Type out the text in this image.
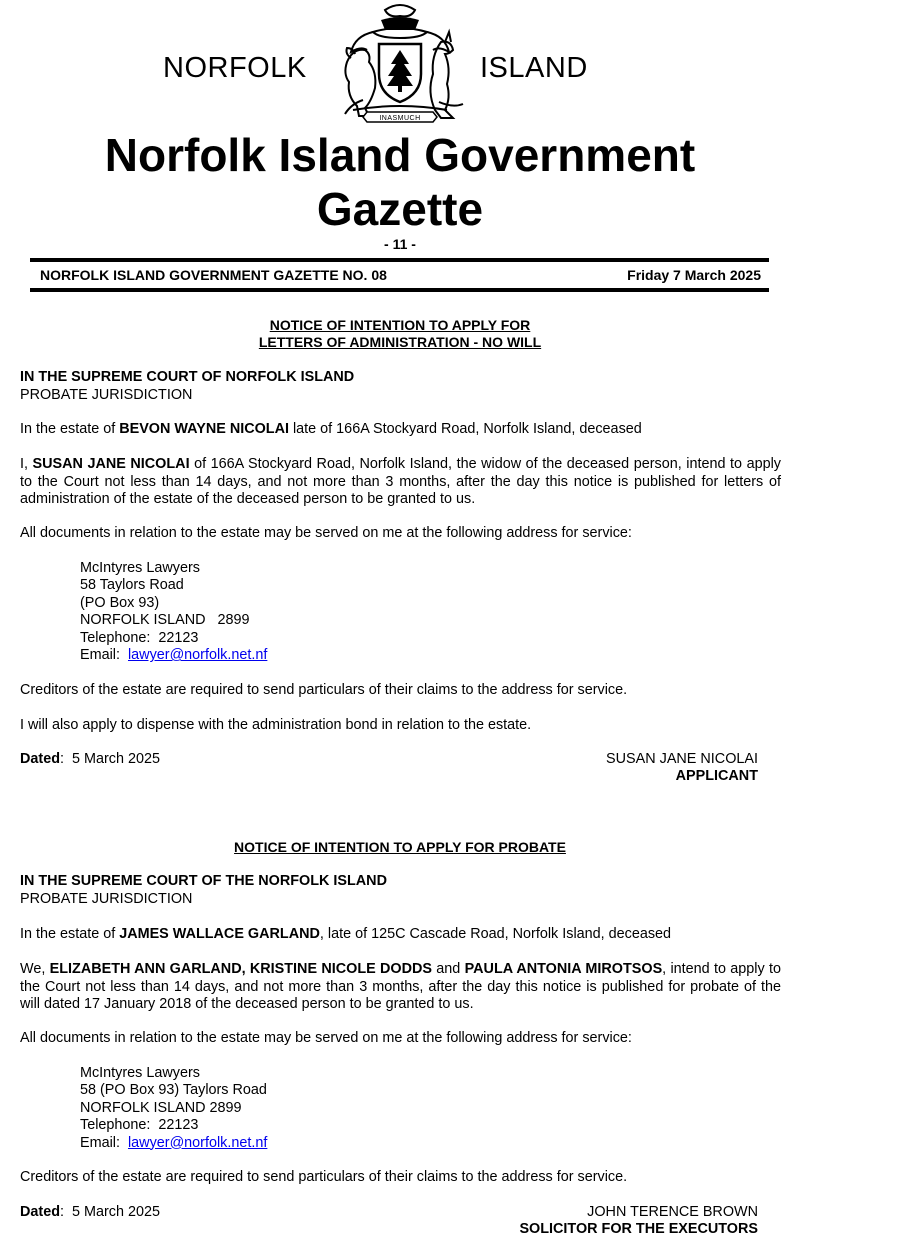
NORFOLK	ISLAND
INASMUCH
Norfolk Island Government
Gazette
- 11 -
NORFOLK ISLAND GOVERNMENT GAZETTE NO. 08	Friday 7 March 2025
NOTICE OF INTENTION TO APPLY FOR
LETTERS OF ADMINISTRATION - NO WILL
IN THE SUPREME COURT OF NORFOLK ISLAND
PROBATE JURISDICTION
In the estate of BEVON WAYNE NICOLAI late of 166A Stockyard Road, Norfolk Island, deceased
I, SUSAN JANE NICOLAI of 166A Stockyard Road, Norfolk Island, the widow of the deceased person, intend to apply to the Court not less than 14 days, and not more than 3 months, after the day this notice is published for letters of administration of the estate of the deceased person to be granted to us.
All documents in relation to the estate may be served on me at the following address for service:
McIntyres Lawyers
58 Taylors Road
(PO Box 93)
NORFOLK ISLAND   2899
Telephone:  22123
Email:  lawyer@norfolk.net.nf
Creditors of the estate are required to send particulars of their claims to the address for service.
I will also apply to dispense with the administration bond in relation to the estate.
Dated:  5 March 2025	SUSAN JANE NICOLAI
APPLICANT
NOTICE OF INTENTION TO APPLY FOR PROBATE
IN THE SUPREME COURT OF THE NORFOLK ISLAND
PROBATE JURISDICTION
In the estate of JAMES WALLACE GARLAND, late of 125C Cascade Road, Norfolk Island, deceased
We, ELIZABETH ANN GARLAND, KRISTINE NICOLE DODDS and PAULA ANTONIA MIROTSOS, intend to apply to the Court not less than 14 days, and not more than 3 months, after the day this notice is published for probate of the will dated 17 January 2018 of the deceased person to be granted to us.
All documents in relation to the estate may be served on me at the following address for service:
McIntyres Lawyers
58 (PO Box 93) Taylors Road
NORFOLK ISLAND 2899
Telephone:  22123
Email:  lawyer@norfolk.net.nf
Creditors of the estate are required to send particulars of their claims to the address for service.
Dated:  5 March 2025	JOHN TERENCE BROWN
SOLICITOR FOR THE EXECUTORS
